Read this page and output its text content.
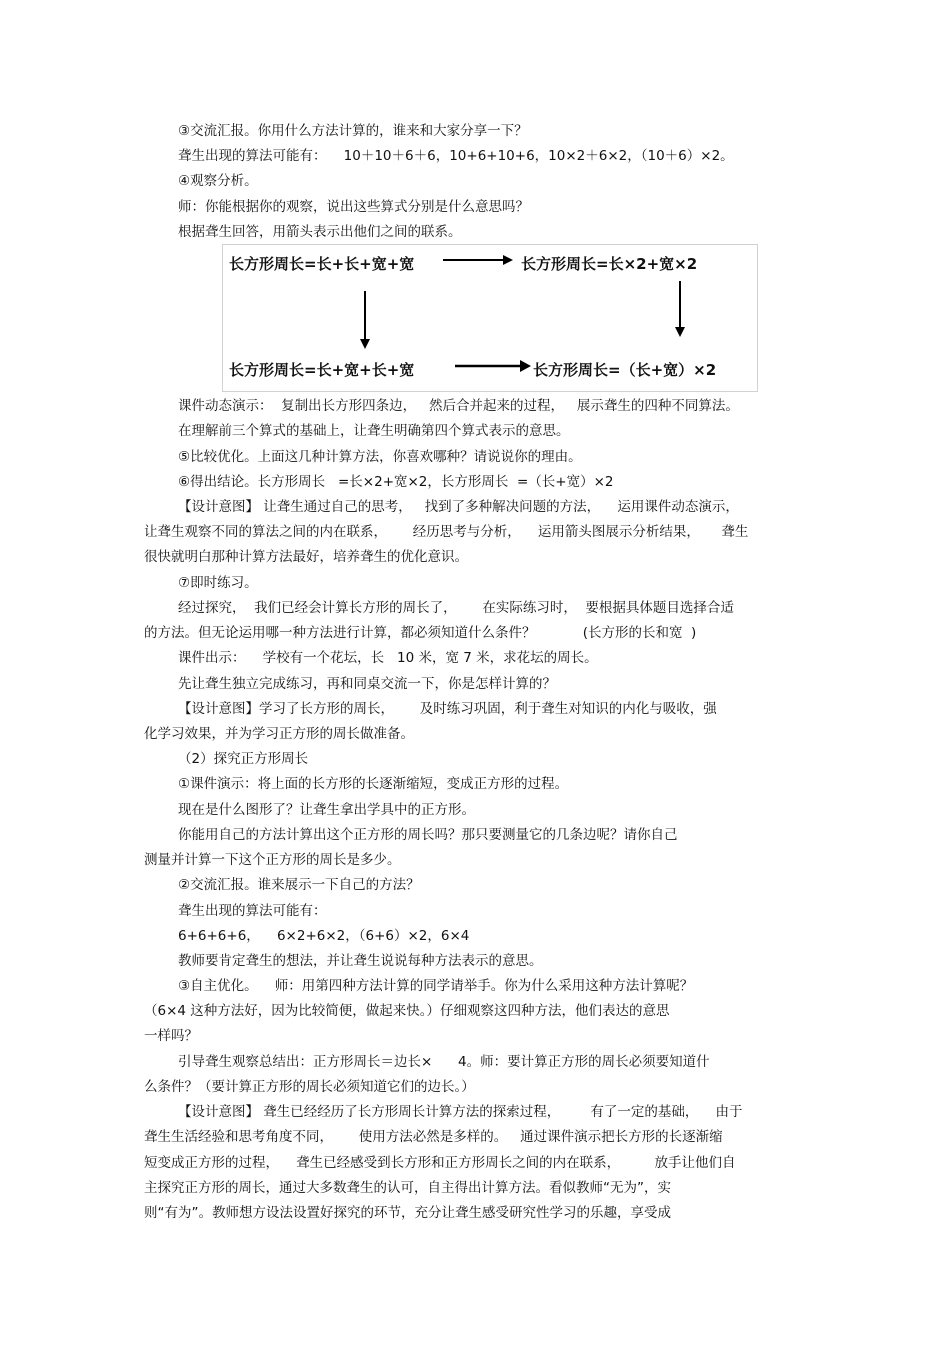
③交流汇报。你用什么方法计算的，谁来和大家分享一下？
聋生出现的算法可能有：    10＋10＋6＋6，10+6+10+6，10×2＋6×2，（10＋6）×2。
④观察分析。
师：你能根据你的观察，说出这些算式分别是什么意思吗？
根据聋生回答，用箭头表示出他们之间的联系。
长方形周长=长+长+宽+宽	长方形周长=长×2+宽×2
长方形周长=长+宽+长+宽	长方形周长=（长+宽）×2
课件动态演示：  复制出长方形四条边，   然后合并起来的过程，   展示聋生的四种不同算法。
在理解前三个算式的基础上，让聋生明确第四个算式表示的意思。
⑤比较优化。上面这几种计算方法，你喜欢哪种？请说说你的理由。
⑥得出结论。长方形周长   =长×2+宽×2，长方形周长  =（长+宽）×2
【设计意图】 让聋生通过自己的思考，   找到了多种解决问题的方法，    运用课件动态演示，
让聋生观察不同的算法之间的内在联系，      经历思考与分析，    运用箭头图展示分析结果，     聋生
很快就明白那种计算方法最好，培养聋生的优化意识。
⑦即时练习。
经过探究，  我们已经会计算长方形的周长了，      在实际练习时，  要根据具体题目选择合适
的方法。但无论运用哪一种方法进行计算，都必须知道什么条件？           (长方形的长和宽  )
课件出示：    学校有一个花坛，长   10 米，宽 7 米，求花坛的周长。
先让聋生独立完成练习，再和同桌交流一下，你是怎样计算的？
【设计意图】学习了长方形的周长，      及时练习巩固，利于聋生对知识的内化与吸收，强
化学习效果，并为学习正方形的周长做准备。
（2）探究正方形周长
①课件演示：将上面的长方形的长逐渐缩短，变成正方形的过程。
现在是什么图形了？让聋生拿出学具中的正方形。
你能用自己的方法计算出这个正方形的周长吗？那只要测量它的几条边呢？请你自己
测量并计算一下这个正方形的周长是多少。
②交流汇报。谁来展示一下自己的方法？
聋生出现的算法可能有：
6+6+6+6，    6×2+6×2，（6+6）×2，6×4
教师要肯定聋生的想法，并让聋生说说每种方法表示的意思。
③自主优化。    师：用第四种方法计算的同学请举手。你为什么采用这种方法计算呢？
（6×4 这种方法好，因为比较简便，做起来快。）仔细观察这四种方法，他们表达的意思
一样吗？
引导聋生观察总结出：正方形周长＝边长×      4。师：要计算正方形的周长必须要知道什
么条件？（要计算正方形的周长必须知道它们的边长。）
【设计意图】 聋生已经经历了长方形周长计算方法的探索过程，       有了一定的基础，    由于
聋生生活经验和思考角度不同，      使用方法必然是多样的。   通过课件演示把长方形的长逐渐缩
短变成正方形的过程，    聋生已经感受到长方形和正方形周长之间的内在联系，        放手让他们自
主探究正方形的周长，通过大多数聋生的认可，自主得出计算方法。看似教师“无为”，实
则“有为”。教师想方设法设置好探究的环节，充分让聋生感受研究性学习的乐趣，享受成
